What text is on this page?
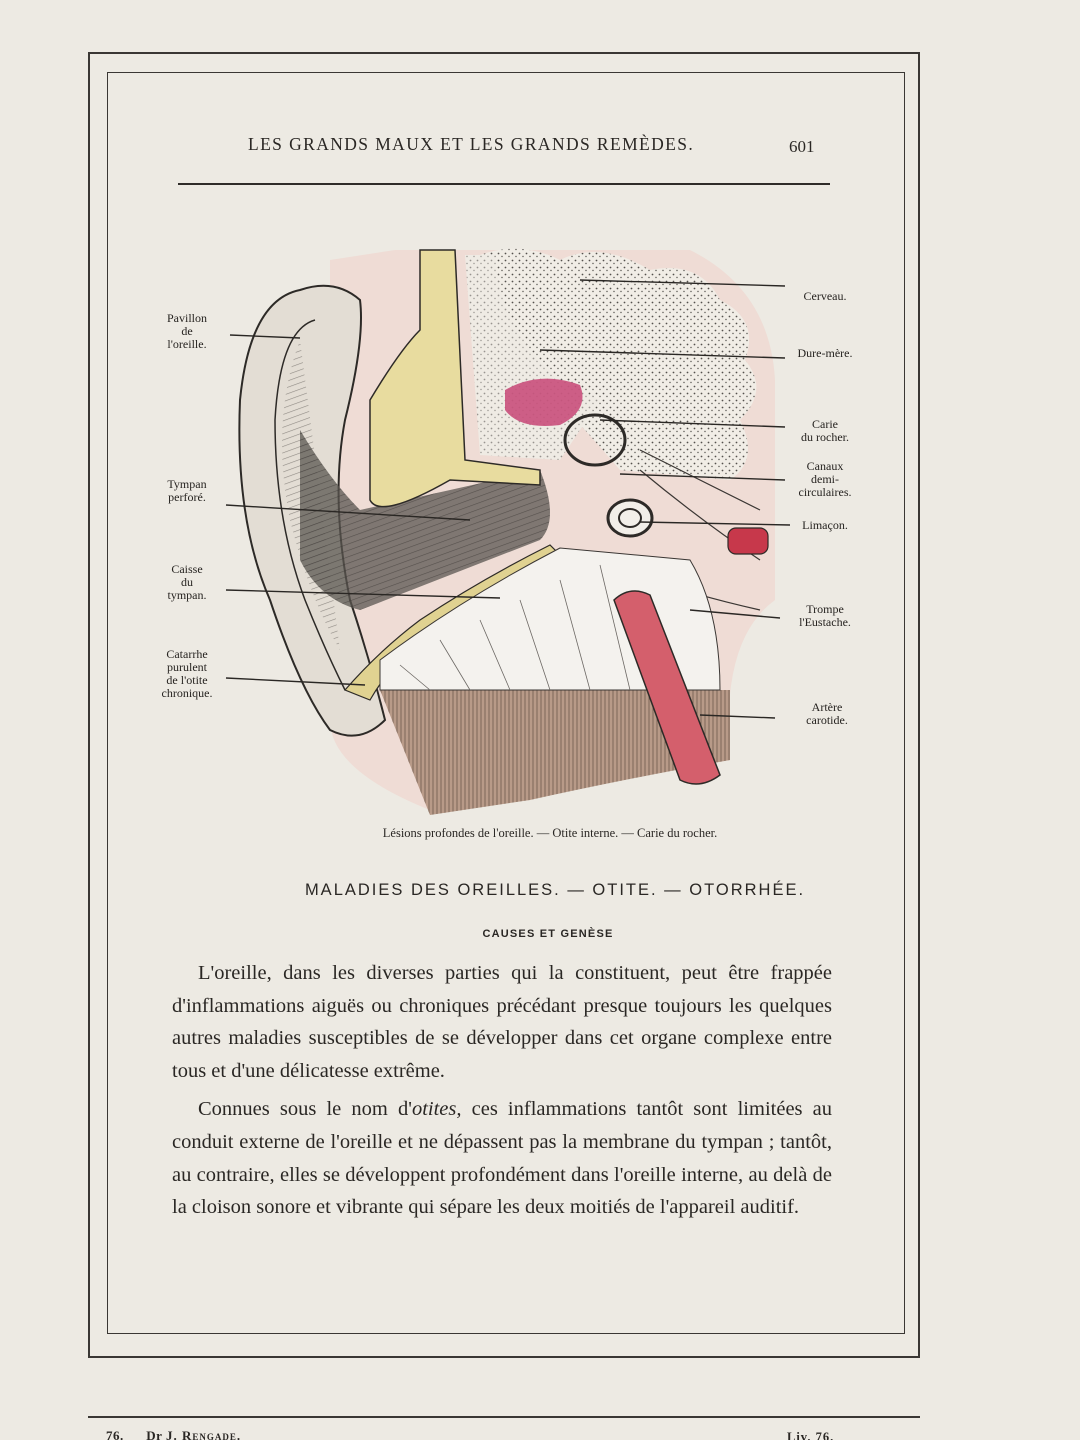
LES GRANDS MAUX ET LES GRANDS REMÈDES.	601
Pavillon
de
l'oreille.
Tympan
perforé.
Caisse
du
tympan.
Catarrhe
purulent
de l'otite
chronique.
Cerveau.
Dure-mère.
Carie
du rocher.
Canaux
demi-
circulaires.
Limaçon.
Trompe
l'Eustache.
Artère
carotide.
Lésions profondes de l'oreille. — Otite interne. — Carie du rocher.
MALADIES DES OREILLES. — OTITE. — OTORRHÉE.
CAUSES ET GENÈSE

L'oreille, dans les diverses parties qui la constituent, peut être frappée d'inflammations aiguës ou chroniques précédant presque toujours les quelques autres maladies susceptibles de se développer dans cet organe complexe entre tous et d'une délicatesse extrême.

Connues sous le nom d'otites, ces inflammations tantôt sont limitées au conduit externe de l'oreille et ne dépassent pas la membrane du tympan ; tantôt, au contraire, elles se développent profondément dans l'oreille interne, au delà de la cloison sonore et vibrante qui sépare les deux moitiés de l'appareil auditif.

76. Dr J. Rengade.	Liv. 76.
